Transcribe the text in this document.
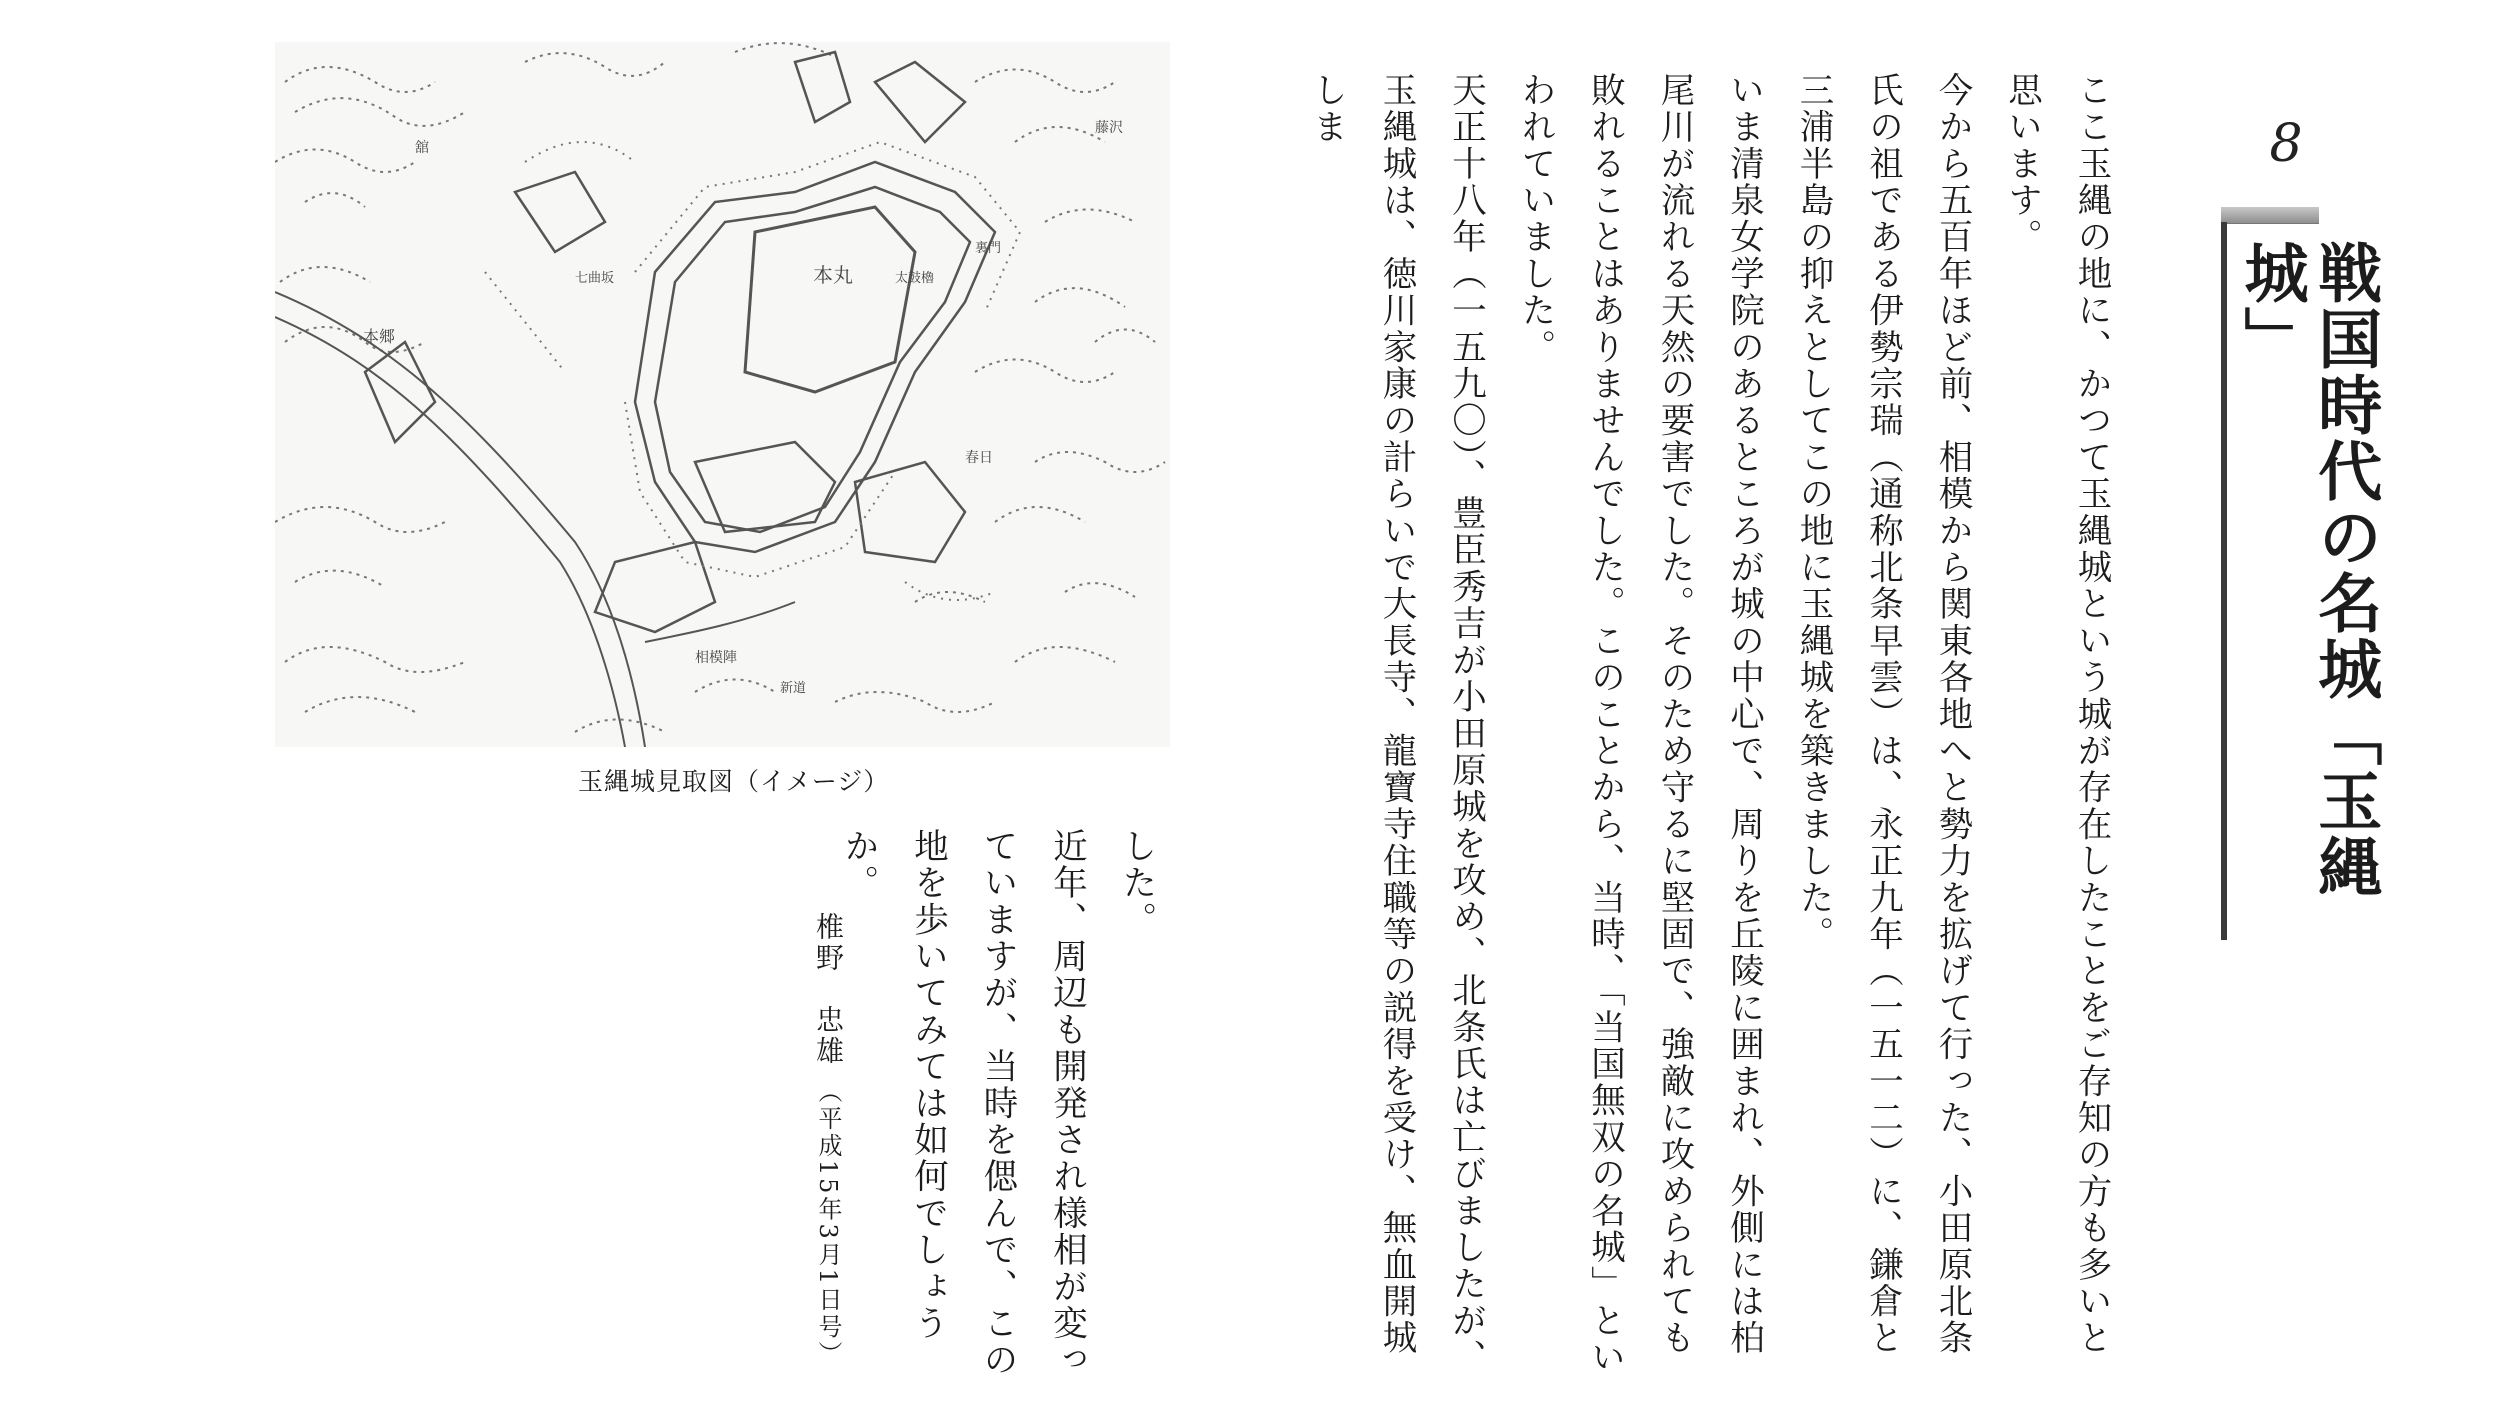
本丸
本郷
相模陣
春日
藤沢
舘
七曲坂	太鼓櫓
新道
裏門
玉縄城見取図（イメージ）
8
戦国時代の名城「玉縄城」

ここ玉縄の地に、かつて玉縄城という城が存在したことをご存知の方も多いと思います。

今から五百年ほど前、相模から関東各地へと勢力を拡げて行った、小田原北条氏の祖である伊勢宗瑞（通称北条早雲）は、永正九年（一五一二）に、鎌倉と三浦半島の抑えとしてこの地に玉縄城を築きました。

いま清泉女学院のあるところが城の中心で、周りを丘陵に囲まれ、外側には柏尾川が流れる天然の要害でした。そのため守るに堅固で、強敵に攻められても敗れることはありませんでした。このことから、当時、「当国無双の名城」といわれていました。

天正十八年（一五九〇）、豊臣秀吉が小田原城を攻め、北条氏は亡びましたが、玉縄城は、徳川家康の計らいで大長寺、龍寶寺住職等の説得を受け、無血開城しま

した。

近年、周辺も開発され様相が変っていますが、当時を偲んで、この地を歩いてみては如何でしょうか。

椎野　忠雄 （平成15年3月1日号）
